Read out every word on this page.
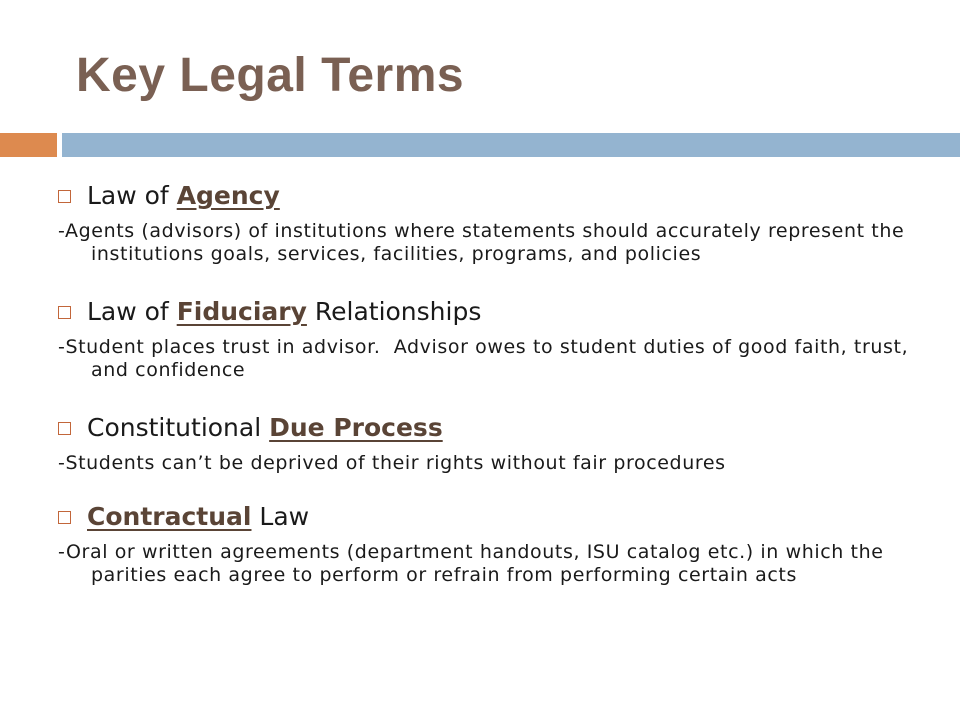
Key Legal Terms
Law of Agency
-Agents (advisors) of institutions where statements should accurately represent the institutions goals, services, facilities, programs, and policies
Law of Fiduciary Relationships
-Student places trust in advisor.  Advisor owes to student duties of good faith, trust, and confidence
Constitutional Due Process
-Students can’t be deprived of their rights without fair procedures
Contractual Law
-Oral or written agreements (department handouts, ISU catalog etc.) in which the parities each agree to perform or refrain from performing certain acts
